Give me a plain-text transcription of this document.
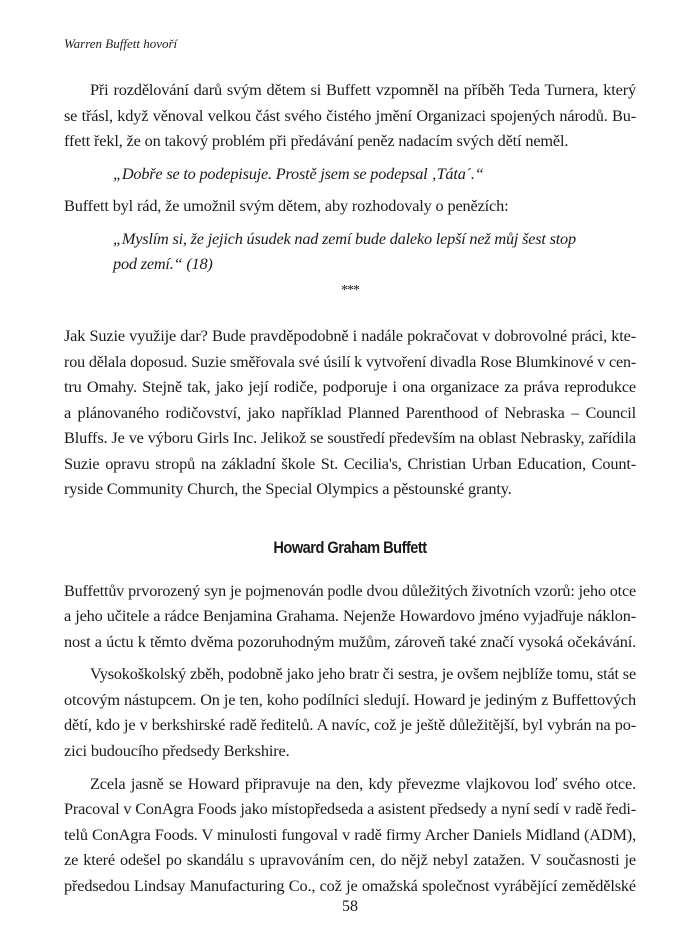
Warren Buffett hovoří
Při rozdělování darů svým dětem si Buffett vzpomněl na příběh Teda Turnera, který
se třásl, když věnoval velkou část svého čistého jmění Organizaci spojených národů. Bu-
ffett řekl, že on takový problém při předávání peněz nadacím svých dětí neměl.
„Dobře se to podepisuje. Prostě jsem se podepsal ‚Táta´.“
Buffett byl rád, že umožnil svým dětem, aby rozhodovaly o penězích:
„Myslím si, že jejich úsudek nad zemí bude daleko lepší než můj šest stop
pod zemí.“ (18)
***
Jak Suzie využije dar? Bude pravděpodobně i nadále pokračovat v dobrovolné práci, kte-
rou dělala doposud. Suzie směřovala své úsilí k vytvoření divadla Rose Blumkinové v cen-
tru Omahy. Stejně tak, jako její rodiče, podporuje i ona organizace za práva reprodukce
a plánovaného rodičovství, jako například Planned Parenthood of Nebraska – Council
Bluffs. Je ve výboru Girls Inc. Jelikož se soustředí především na oblast Nebrasky, zařídila
Suzie opravu stropů na základní škole St. Cecilia's, Christian Urban Education, Count-
ryside Community Church, the Special Olympics a pěstounské granty.
Howard Graham Buffett
Buffettův prvorozený syn je pojmenován podle dvou důležitých životních vzorů: jeho otce
a jeho učitele a rádce Benjamina Grahama. Nejenže Howardovo jméno vyjadřuje náklon-
nost a úctu k těmto dvěma pozoruhodným mužům, zároveň také značí vysoká očekávání.
Vysokoškolský zběh, podobně jako jeho bratr či sestra, je ovšem nejblíže tomu, stát se
otcovým nástupcem. On je ten, koho podílníci sledují. Howard je jediným z Buffettových
dětí, kdo je v berkshirské radě ředitelů. A navíc, což je ještě důležitější, byl vybrán na po-
zici budoucího předsedy Berkshire.
Zcela jasně se Howard připravuje na den, kdy převezme vlajkovou loď svého otce.
Pracoval v ConAgra Foods jako místopředseda a asistent předsedy a nyní sedí v radě ředi-
telů ConAgra Foods. V minulosti fungoval v radě firmy Archer Daniels Midland (ADM),
ze které odešel po skandálu s upravováním cen, do nějž nebyl zatažen. V současnosti je
předsedou Lindsay Manufacturing Co., což je omažská společnost vyrábějící zemědělské
58
